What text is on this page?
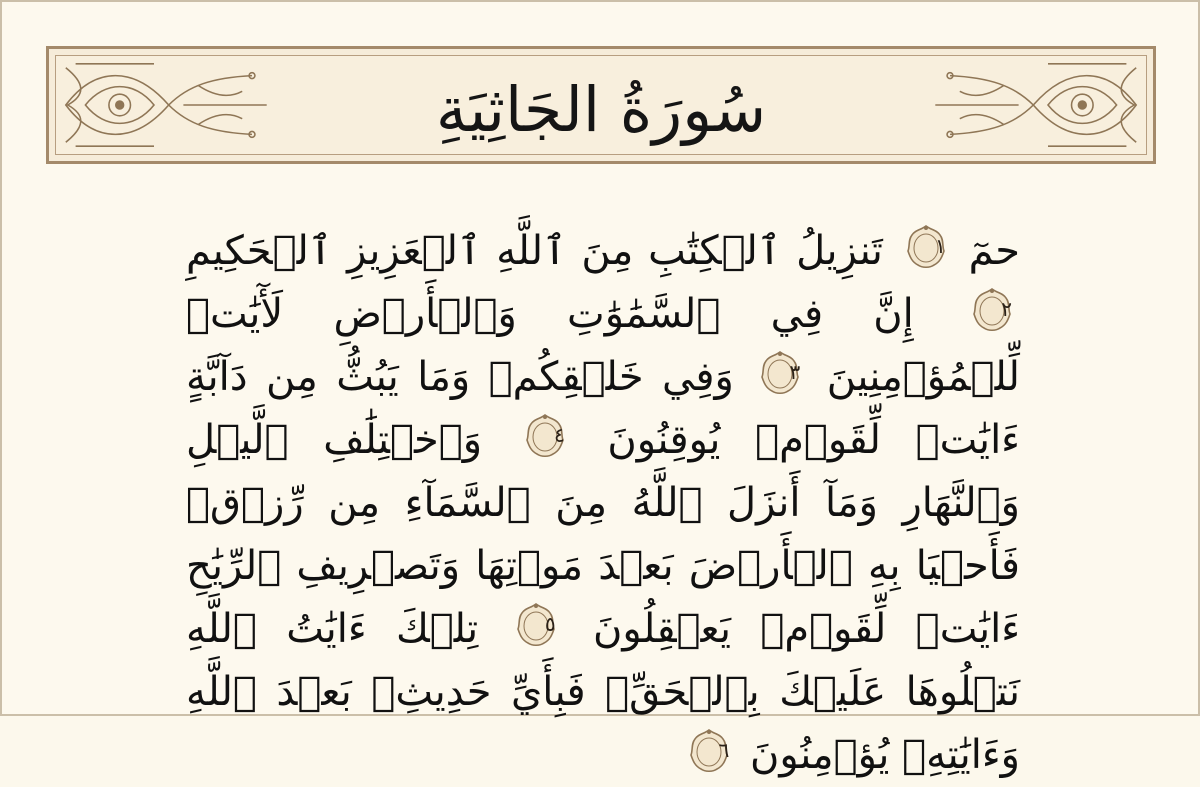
سُورَةُ الجَاثِيَةِ
حمٓ
١
تَنزِيلُ ٱلۡكِتَٰبِ مِنَ ٱللَّهِ ٱلۡعَزِيزِ ٱلۡحَكِيمِ
٢
إِنَّ فِي ٱلسَّمَٰوَٰتِ وَٱلۡأَرۡضِ لَأٓيَٰتٖ لِّلۡمُؤۡمِنِينَ
٣
وَفِي خَلۡقِكُمۡ وَمَا يَبُثُّ مِن دَآبَّةٍ ءَايَٰتٞ لِّقَوۡمٖ يُوقِنُونَ
٤
وَٱخۡتِلَٰفِ ٱلَّيۡلِ وَٱلنَّهَارِ وَمَآ أَنزَلَ ٱللَّهُ مِنَ ٱلسَّمَآءِ مِن رِّزۡقٖ فَأَحۡيَا بِهِ ٱلۡأَرۡضَ بَعۡدَ مَوۡتِهَا وَتَصۡرِيفِ ٱلرِّيَٰحِ ءَايَٰتٞ لِّقَوۡمٖ يَعۡقِلُونَ
٥
تِلۡكَ ءَايَٰتُ ٱللَّهِ نَتۡلُوهَا عَلَيۡكَ بِٱلۡحَقِّۖ فَبِأَيِّ حَدِيثِۭ بَعۡدَ ٱللَّهِ وَءَايَٰتِهِۦ يُؤۡمِنُونَ
٦
